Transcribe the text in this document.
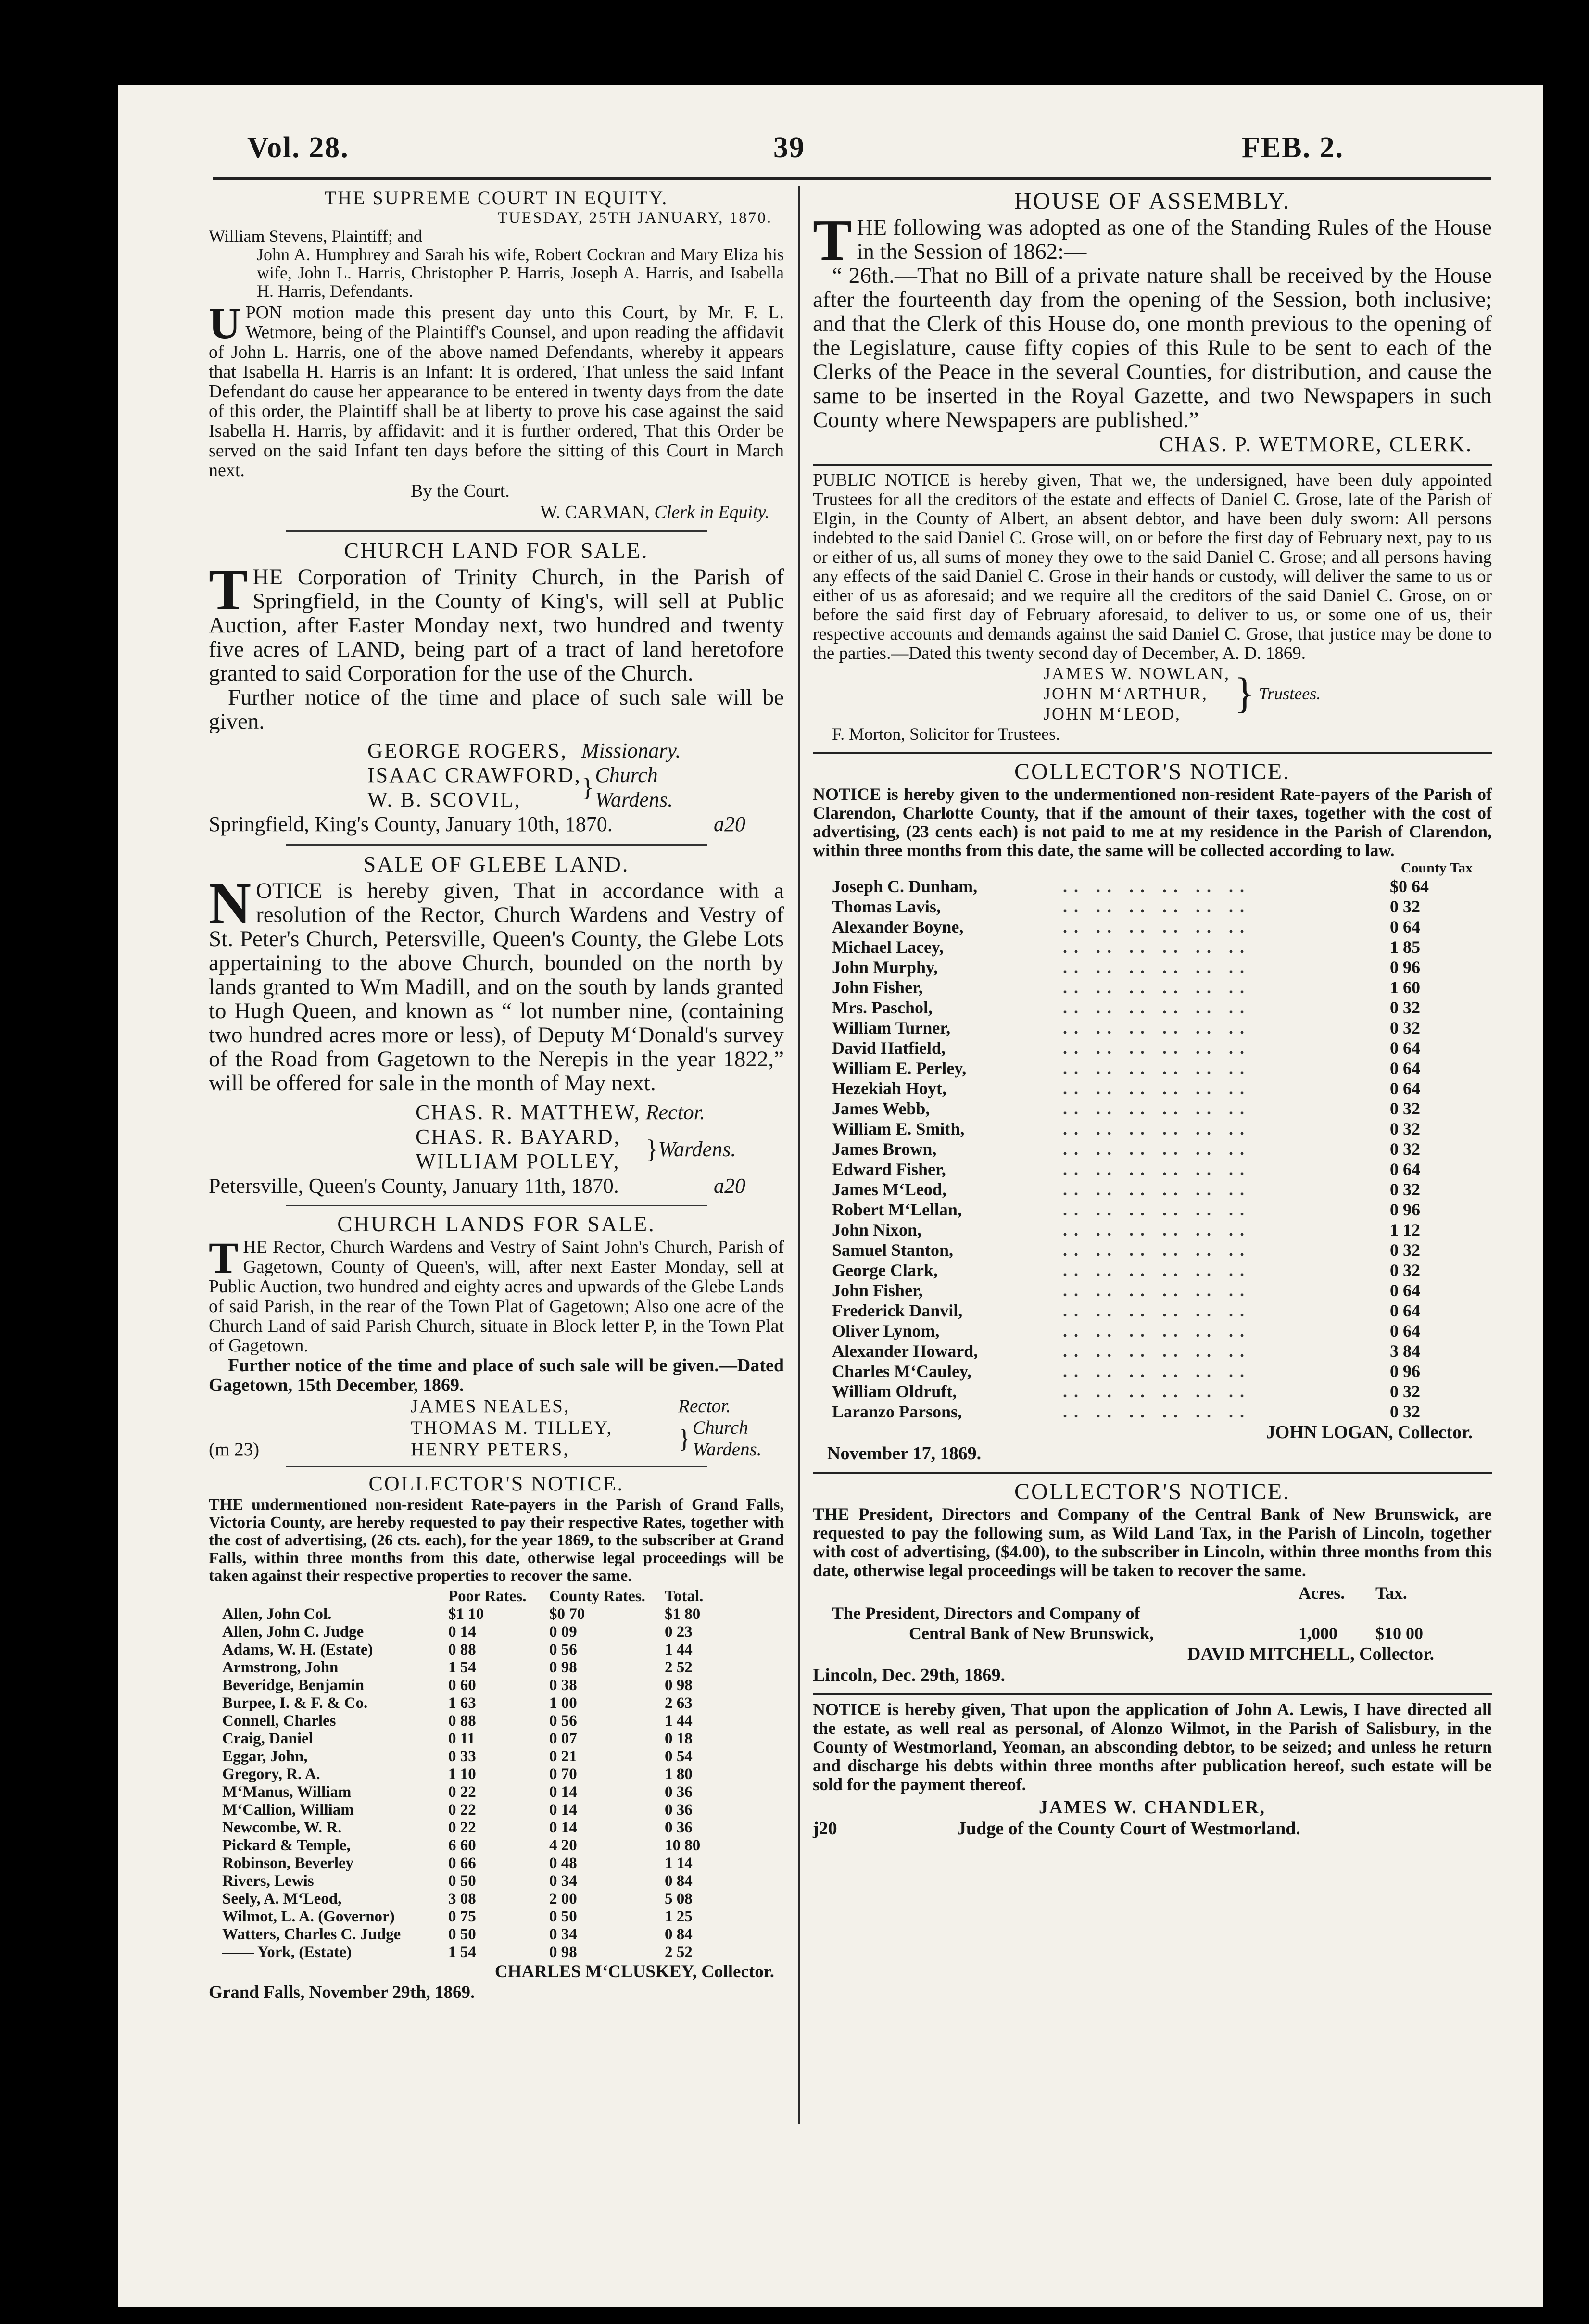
Vol. 28.	39	FEB. 2.
THE SUPREME COURT IN EQUITY.
TUESDAY, 25TH JANUARY, 1870.
William Stevens, Plaintiff; and
John A. Humphrey and Sarah his wife, Robert Cockran and Mary Eliza his wife, John L. Harris, Christopher P. Harris, Joseph A. Harris, and Isabella H. Harris, Defendants.
UPON motion made this present day unto this Court, by Mr. F. L. Wetmore, being of the Plaintiff's Counsel, and upon reading the affidavit of John L. Harris, one of the above named Defendants, whereby it appears that Isabella H. Harris is an Infant: It is ordered, That unless the said Infant Defendant do cause her appearance to be entered in twenty days from the date of this order, the Plaintiff shall be at liberty to prove his case against the said Isabella H. Harris, by affidavit: and it is further ordered, That this Order be served on the said Infant ten days before the sitting of this Court in March next.
By the Court.
W. CARMAN, Clerk in Equity.
CHURCH LAND FOR SALE.
THE Corporation of Trinity Church, in the Parish of Springfield, in the County of King's, will sell at Public Auction, after Easter Monday next, two hundred and twenty five acres of LAND, being part of a tract of land heretofore granted to said Corporation for the use of the Church.
Further notice of the time and place of such sale will be given.
GEORGE ROGERS,	Missionary.	
ISAAC CRAWFORD,	}	Church
W. B. SCOVIL,		Wardens.
Springfield, King's County, January 10th, 1870.	a20
SALE OF GLEBE LAND.
NOTICE is hereby given, That in accordance with a resolution of the Rector, Church Wardens and Vestry of St. Peter's Church, Petersville, Queen's County, the Glebe Lots appertaining to the above Church, bounded on the north by lands granted to Wm Madill, and on the south by lands granted to Hugh Queen, and known as “ lot number nine, (containing two hundred acres more or less), of Deputy M‘Donald's survey of the Road from Gagetown to the Nerepis in the year 1822,” will be offered for sale in the month of May next.
CHAS. R. MATTHEW,	Rector.	
CHAS. R. BAYARD,	}	Wardens.
WILLIAM POLLEY,		
Petersville, Queen's County, January 11th, 1870.	a20
CHURCH LANDS FOR SALE.
THE Rector, Church Wardens and Vestry of Saint John's Church, Parish of Gagetown, County of Queen's, will, after next Easter Monday, sell at Public Auction, two hundred and eighty acres and upwards of the Glebe Lands of said Parish, in the rear of the Town Plat of Gagetown; Also one acre of the Church Land of said Parish Church, situate in Block letter P, in the Town Plat of Gagetown.
Further notice of the time and place of such sale will be given.—Dated Gagetown, 15th December, 1869.
	JAMES NEALES,	Rector.	
	THOMAS M. TILLEY,	}	Church
(m 23)	HENRY PETERS,		Wardens.
COLLECTOR'S NOTICE.
THE undermentioned non-resident Rate-payers in the Parish of Grand Falls, Victoria County, are hereby requested to pay their respective Rates, together with the cost of advertising, (26 cts. each), for the year 1869, to the subscriber at Grand Falls, within three months from this date, otherwise legal proceedings will be taken against their respective properties to recover the same.
	Poor Rates.	County Rates.	Total.
Allen, John Col.	$1 10	$0 70	$1 80
Allen, John C. Judge	0 14	0 09	0 23
Adams, W. H. (Estate)	0 88	0 56	1 44
Armstrong, John	1 54	0 98	2 52
Beveridge, Benjamin	0 60	0 38	0 98
Burpee, I. & F. & Co.	1 63	1 00	2 63
Connell, Charles	0 88	0 56	1 44
Craig, Daniel	0 11	0 07	0 18
Eggar, John,	0 33	0 21	0 54
Gregory, R. A.	1 10	0 70	1 80
M‘Manus, William	0 22	0 14	0 36
M‘Callion, William	0 22	0 14	0 36
Newcombe, W. R.	0 22	0 14	0 36
Pickard & Temple,	6 60	4 20	10 80
Robinson, Beverley	0 66	0 48	1 14
Rivers, Lewis	0 50	0 34	0 84
Seely, A. M‘Leod,	3 08	2 00	5 08
Wilmot, L. A. (Governor)	0 75	0 50	1 25
Watters, Charles C. Judge	0 50	0 34	0 84
—— York, (Estate)	1 54	0 98	2 52
CHARLES M‘CLUSKEY, Collector.
Grand Falls, November 29th, 1869.
HOUSE OF ASSEMBLY.
THE following was adopted as one of the Standing Rules of the House in the Session of 1862:—
“ 26th.—That no Bill of a private nature shall be received by the House after the fourteenth day from the opening of the Session, both inclusive; and that the Clerk of this House do, one month previous to the opening of the Legislature, cause fifty copies of this Rule to be sent to each of the Clerks of the Peace in the several Counties, for distribution, and cause the same to be inserted in the Royal Gazette, and two Newspapers in such County where Newspapers are published.”
CHAS. P. WETMORE, CLERK.
PUBLIC NOTICE is hereby given, That we, the undersigned, have been duly appointed Trustees for all the creditors of the estate and effects of Daniel C. Grose, late of the Parish of Elgin, in the County of Albert, an absent debtor, and have been duly sworn: All persons indebted to the said Daniel C. Grose will, on or before the first day of February next, pay to us or either of us, all sums of money they owe to the said Daniel C. Grose; and all persons having any effects of the said Daniel C. Grose in their hands or custody, will deliver the same to us or either of us as aforesaid; and we require all the creditors of the said Daniel C. Grose, on or before the said first day of February aforesaid, to deliver to us, or some one of us, their respective accounts and demands against the said Daniel C. Grose, that justice may be done to the parties.—Dated this twenty second day of December, A. D. 1869.
JAMES W. NOWLAN,	}	Trustees.
JOHN M‘ARTHUR,
JOHN M‘LEOD,
F. Morton, Solicitor for Trustees.
COLLECTOR'S NOTICE.
NOTICE is hereby given to the undermentioned non-resident Rate-payers of the Parish of Clarendon, Charlotte County, that if the amount of their taxes, together with the cost of advertising, (23 cents each) is not paid to me at my residence in the Parish of Clarendon, within three months from this date, the same will be collected according to law.
County Tax
Joseph C. Dunham,	.. .. .. .. .. ..	$0 64
Thomas Lavis,	.. .. .. .. .. ..	0 32
Alexander Boyne,	.. .. .. .. .. ..	0 64
Michael Lacey,	.. .. .. .. .. ..	1 85
John Murphy,	.. .. .. .. .. ..	0 96
John Fisher,	.. .. .. .. .. ..	1 60
Mrs. Paschol,	.. .. .. .. .. ..	0 32
William Turner,	.. .. .. .. .. ..	0 32
David Hatfield,	.. .. .. .. .. ..	0 64
William E. Perley,	.. .. .. .. .. ..	0 64
Hezekiah Hoyt,	.. .. .. .. .. ..	0 64
James Webb,	.. .. .. .. .. ..	0 32
William E. Smith,	.. .. .. .. .. ..	0 32
James Brown,	.. .. .. .. .. ..	0 32
Edward Fisher,	.. .. .. .. .. ..	0 64
James M‘Leod,	.. .. .. .. .. ..	0 32
Robert M‘Lellan,	.. .. .. .. .. ..	0 96
John Nixon,	.. .. .. .. .. ..	1 12
Samuel Stanton,	.. .. .. .. .. ..	0 32
George Clark,	.. .. .. .. .. ..	0 32
John Fisher,	.. .. .. .. .. ..	0 64
Frederick Danvil,	.. .. .. .. .. ..	0 64
Oliver Lynom,	.. .. .. .. .. ..	0 64
Alexander Howard,	.. .. .. .. .. ..	3 84
Charles M‘Cauley,	.. .. .. .. .. ..	0 96
William Oldruft,	.. .. .. .. .. ..	0 32
Laranzo Parsons,	.. .. .. .. .. ..	0 32
JOHN LOGAN, Collector.
November 17, 1869.
COLLECTOR'S NOTICE.
THE President, Directors and Company of the Central Bank of New Brunswick, are requested to pay the following sum, as Wild Land Tax, in the Parish of Lincoln, together with cost of advertising, ($4.00), to the subscriber in Lincoln, within three months from this date, otherwise legal proceedings will be taken to recover the same.
	Acres.	Tax.
The President, Directors and Company of		
Central Bank of New Brunswick,	1,000	$10 00
DAVID MITCHELL, Collector.
Lincoln, Dec. 29th, 1869.
NOTICE is hereby given, That upon the application of John A. Lewis, I have directed all the estate, as well real as personal, of Alonzo Wilmot, in the Parish of Salisbury, in the County of Westmorland, Yeoman, an absconding debtor, to be seized; and unless he return and discharge his debts within three months after publication hereof, such estate will be sold for the payment thereof.
JAMES W. CHANDLER,
j20	Judge of the County Court of Westmorland.
